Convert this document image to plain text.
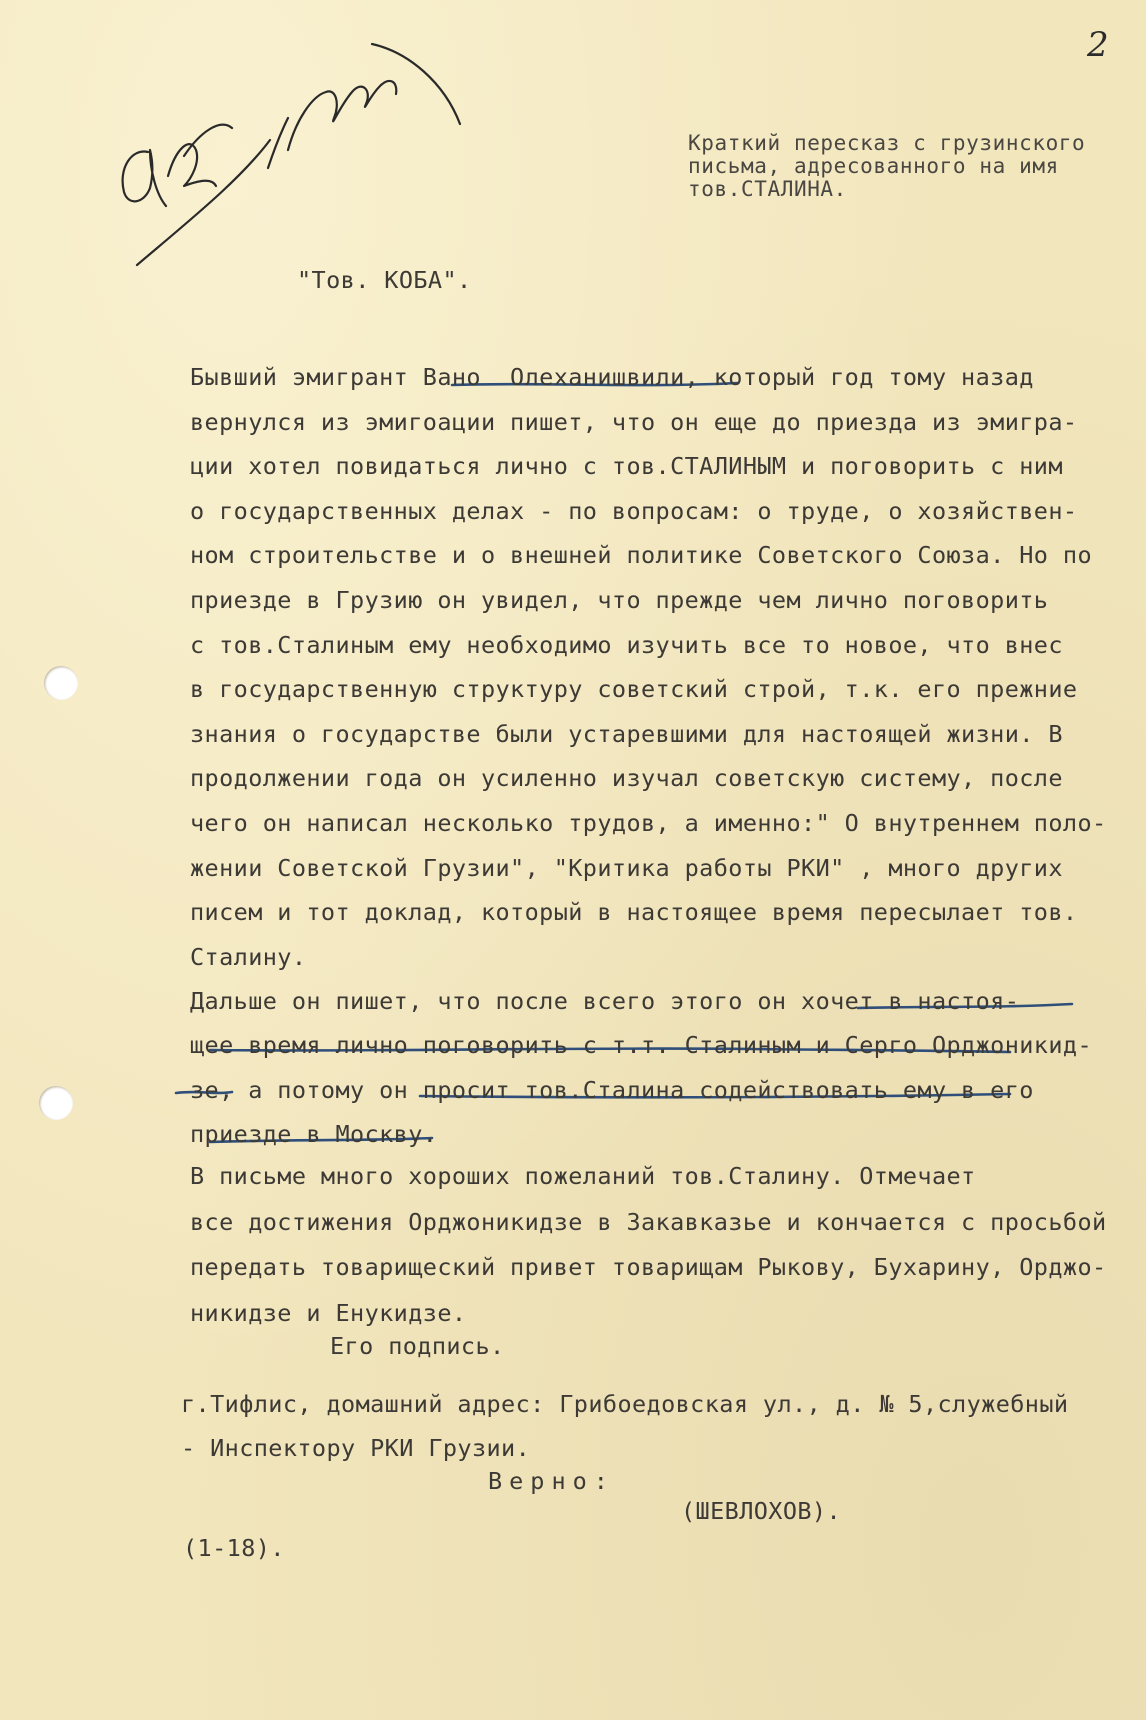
2
Краткий пересказ с грузинского
письма, адресованного на имя
тов.СТАЛИНА.
"Тов. КОБА".
Бывший эмигрант Вано  Олеханишвили, который год тому назад
вернулся из эмигоации пишет, что он еще до приезда из эмигра-
ции хотел повидаться лично с тов.СТАЛИНЫМ и поговорить с ним
о государственных делах - по вопросам: о труде, о хозяйствен-
ном строительстве и о внешней политике Советского Союза. Но по
приезде в Грузию он увидел, что прежде чем лично поговорить
с тов.Сталиным ему необходимо изучить все то новое, что внес
в государственную структуру советский строй, т.к. его прежние
знания о государстве были устаревшими для настоящей жизни. В
продолжении года он усиленно изучал советскую систему, после
чего он написал несколько трудов, а именно:" О внутреннем поло-
жении Советской Грузии", "Критика работы РКИ" , много других
писем и тот доклад, который в настоящее время пересылает тов.
Сталину.
Дальше он пишет, что после всего этого он хочет в настоя-
щее время лично поговорить с т.т. Сталиным и Серго Орджоникид-
зе, а потому он просит тов.Сталина содействовать ему в его
приезде в Москву.
В письме много хороших пожеланий тов.Сталину. Отмечает
все достижения Орджоникидзе в Закавказье и кончается с просьбой
передать товарищеский привет товарищам Рыкову, Бухарину, Орджо-
никидзе и Енукидзе.
Его подпись.
г.Тифлис, домашний адрес: Грибоедовская ул., д. № 5,служебный
- Инспектору РКИ Грузии.
Верно:
(ШЕВЛОХОВ).
(1-18).
